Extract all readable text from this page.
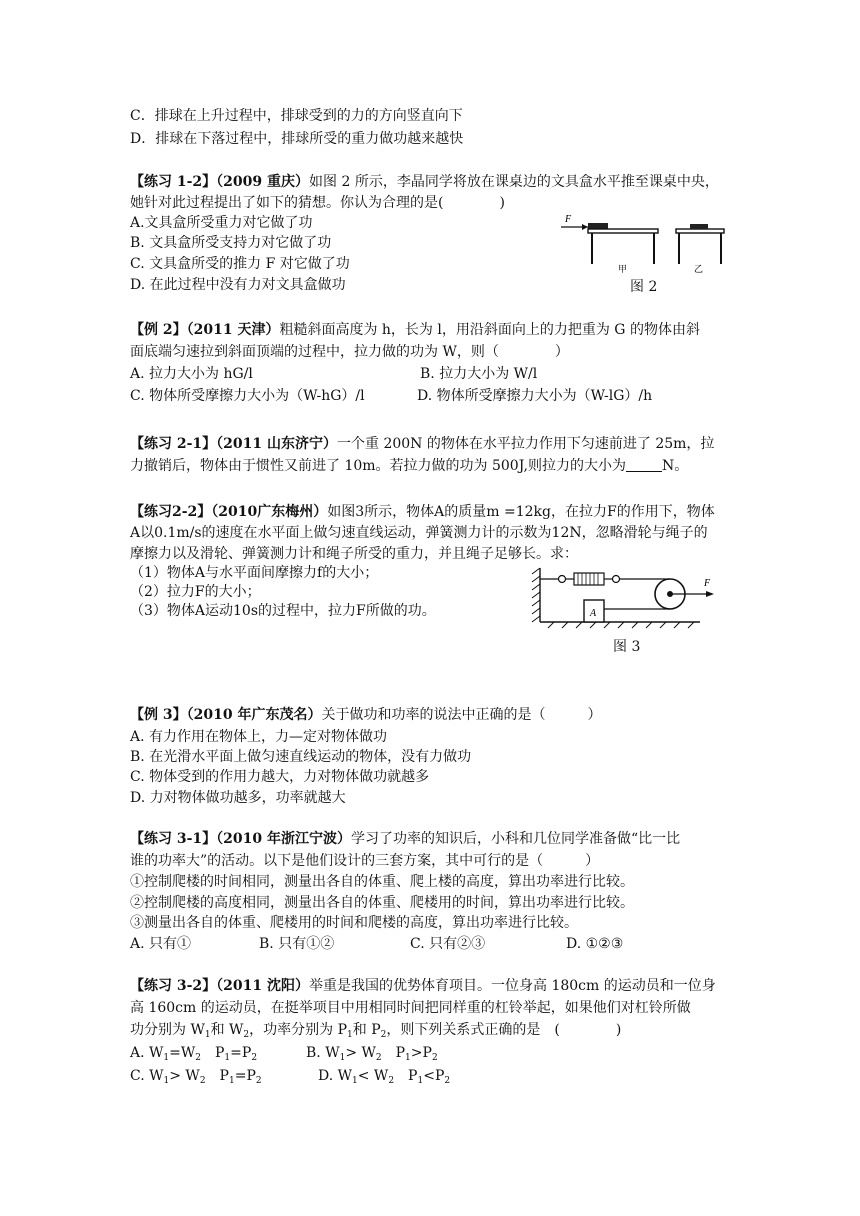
C．排球在上升过程中，排球受到的力的方向竖直向下
D．排球在下落过程中，排球所受的重力做功越来越快
【练习 1-2】（2009 重庆）如图 2 所示，李晶同学将放在课桌边的文具盒水平推至课桌中央，
她针对此过程提出了如下的猜想。你认为合理的是(　　　　)
A.文具盒所受重力对它做了功
B. 文具盒所受支持力对它做了功
C. 文具盒所受的推力 F 对它做了功
D. 在此过程中没有力对文具盒做功
F
甲	乙
图 2
【例 2】（2011 天津）粗糙斜面高度为 h，长为 l，用沿斜面向上的力把重为 G 的物体由斜
面底端匀速拉到斜面顶端的过程中，拉力做的功为 W，则（　　　　）
A. 拉力大小为 hG/l	B. 拉力大小为 W/l
C. 物体所受摩擦力大小为（W-hG）/l	D. 物体所受摩擦力大小为（W-lG）/h
【练习 2-1】（2011 山东济宁）一个重 200N 的物体在水平拉力作用下匀速前进了 25m，拉
力撤销后，物体由于惯性又前进了 10m。若拉力做的功为 500J,则拉力的大小为	N。
【练习2-2】（2010广东梅州）如图3所示，物体A的质量m =12kg，在拉力F的作用下，物体
A以0.1m/s的速度在水平面上做匀速直线运动，弹簧测力计的示数为12N，忽略滑轮与绳子的
摩擦力以及滑轮、弹簧测力计和绳子所受的重力，并且绳子足够长。求：
（1）物体A与水平面间摩擦力f的大小；
（2）拉力F的大小；
（3）物体A运动10s的过程中，拉力F所做的功。
F
A
图 3
【例 3】（2010 年广东茂名）关于做功和功率的说法中正确的是（　　　）
A. 有力作用在物体上，力—定对物体做功
B. 在光滑水平面上做匀速直线运动的物体，没有力做功
C. 物体受到的作用力越大，力对物体做功就越多
D. 力对物体做功越多，功率就越大
【练习 3-1】（2010 年浙江宁波）学习了功率的知识后，小科和几位同学准备做“比一比
谁的功率大”的活动。以下是他们设计的三套方案，其中可行的是（　　　）
①控制爬楼的时间相同，测量出各自的体重、爬上楼的高度，算出功率进行比较。
②控制爬楼的高度相同，测量出各自的体重、爬楼用的时间，算出功率进行比较。
③测量出各自的体重、爬楼用的时间和爬楼的高度，算出功率进行比较。
A. 只有①	B. 只有①②	C. 只有②③	D. ①②③
【练习 3-2】（2011 沈阳）举重是我国的优势体育项目。一位身高 180cm 的运动员和一位身
高 160cm 的运动员，在挺举项目中用相同时间把同样重的杠铃举起，如果他们对杠铃所做
功分别为 $W_1$和 $W_2$，功率分别为 $P_1$和 $P_2$，则下列关系式正确的是　(　　　　)
A. $W_1=W_2$　$P_1=P_2$	B. $W_1> W_2$　$P_1>P_2$
C. $W_1> W_2$　$P_1=P_2$	D. $W_1< W_2$　$P_1<P_2$
